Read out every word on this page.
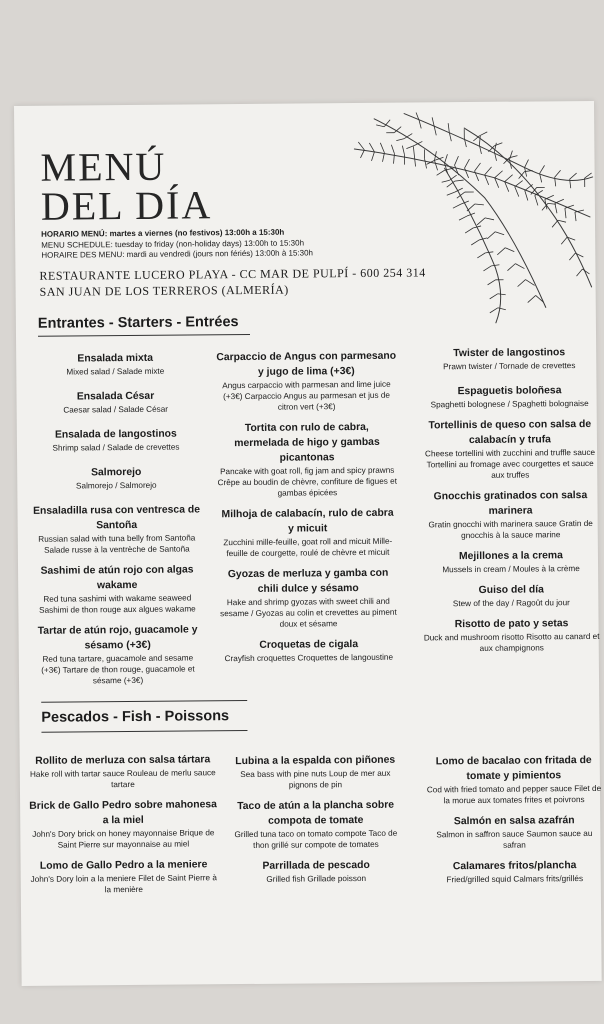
MENÚ
DEL DÍA
HORARIO MENÚ: martes a viernes (no festivos) 13:00h a 15:30h
MENU SCHEDULE: tuesday to friday (non-holiday days) 13:00h to 15:30h
HORAIRE DES MENU: mardi au vendredi (jours non fériés) 13:00h à 15:30h
RESTAURANTE LUCERO PLAYA - CC MAR DE PULPÍ - 600 254 314
SAN JUAN DE LOS TERREROS (ALMERÍA)
Entrantes - Starters - Entrées
Ensalada mixta
Mixed salad / Salade mixte
Ensalada César
Caesar salad / Salade César
Ensalada de langostinos
Shrimp salad / Salade de crevettes
Salmorejo
Salmorejo / Salmorejo
Ensaladilla rusa con ventresca de Santoña
Russian salad with tuna belly from Santoña Salade russe à la ventrèche de Santoña
Sashimi de atún rojo con algas wakame
Red tuna sashimi with wakame seaweed Sashimi de thon rouge aux algues wakame
Tartar de atún rojo, guacamole y sésamo (+3€)
Red tuna tartare, guacamole and sesame (+3€) Tartare de thon rouge, guacamole et sésame (+3€)
Carpaccio de Angus con parmesano y jugo de lima (+3€)
Angus carpaccio with parmesan and lime juice (+3€) Carpaccio Angus au parmesan et jus de citron vert (+3€)
Tortita con rulo de cabra, mermelada de higo y gambas picantonas
Pancake with goat roll, fig jam and spicy prawns Crêpe au boudin de chèvre, confiture de figues et gambas épicées
Milhoja de calabacín, rulo de cabra y micuit
Zucchini mille-feuille, goat roll and micuit Mille-feuille de courgette, roulé de chèvre et micuit
Gyozas de merluza y gamba con chili dulce y sésamo
Hake and shrimp gyozas with sweet chili and sesame / Gyozas au colin et crevettes au piment doux et sésame
Croquetas de cigala
Crayfish croquettes Croquettes de langoustine
Twister de langostinos
Prawn twister / Tornade de crevettes
Espaguetis boloñesa
Spaghetti bolognese / Spaghetti bolognaise
Tortellinis de queso con salsa de calabacín y trufa
Cheese tortellini with zucchini and truffle sauce Tortellini au fromage avec courgettes et sauce aux truffes
Gnocchis gratinados con salsa marinera
Gratin gnocchi with marinera sauce Gratin de gnocchis à la sauce marine
Mejillones a la crema
Mussels in cream / Moules à la crème
Guiso del día
Stew of the day / Ragoût du jour
Risotto de pato y setas
Duck and mushroom risotto Risotto au canard et aux champignons
Pescados - Fish - Poissons
Rollito de merluza con salsa tártara
Hake roll with tartar sauce Rouleau de merlu sauce tartare
Brick de Gallo Pedro sobre mahonesa a la miel
John's Dory brick on honey mayonnaise Brique de Saint Pierre sur mayonnaise au miel
Lomo de Gallo Pedro a la meniere
John's Dory loin a la meniere Filet de Saint Pierre à la menière
Lubina a la espalda con piñones
Sea bass with pine nuts Loup de mer aux pignons de pin
Taco de atún a la plancha sobre compota de tomate
Grilled tuna taco on tomato compote Taco de thon grillé sur compote de tomates
Parrillada de pescado
Grilled fish Grillade poisson
Lomo de bacalao con fritada de tomate y pimientos
Cod with fried tomato and pepper sauce Filet de la morue aux tomates frites et poivrons
Salmón en salsa azafrán
Salmon in saffron sauce Saumon sauce au safran
Calamares fritos/plancha
Fried/grilled squid Calmars frits/grillés
